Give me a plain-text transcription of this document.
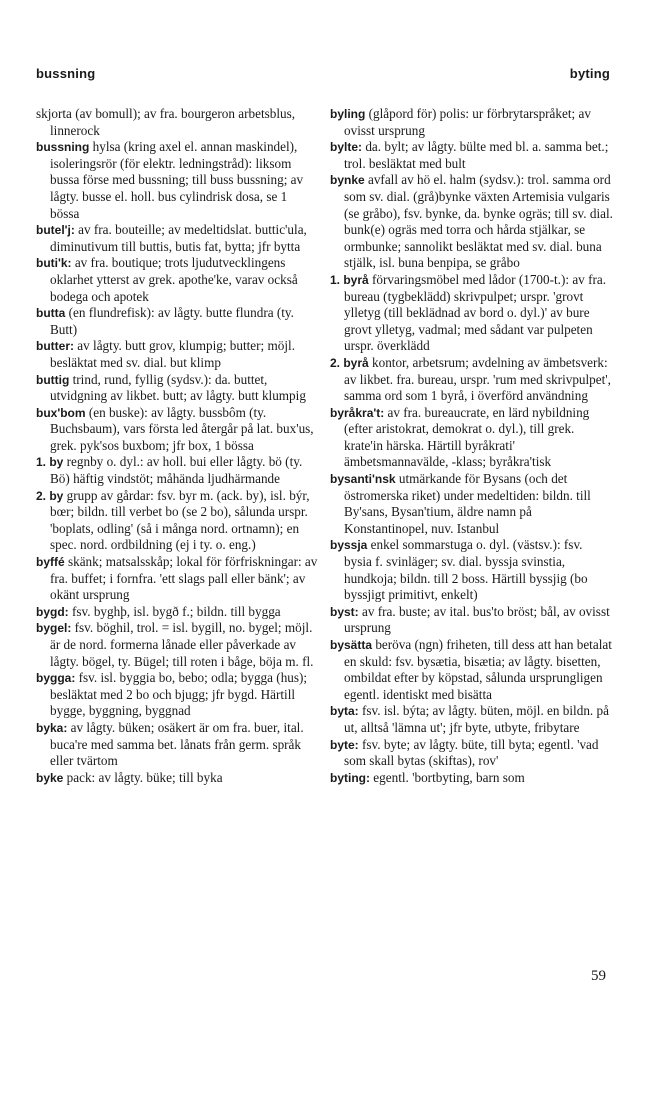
bussning	byting

skjorta (av bomull); av fra. bourgeron arbetsblus, linnerock

bussning hylsa (kring axel el. annan maskindel), isoleringsrör (för elektr. ledningstråd): liksom bussa förse med bussning; till buss bussning; av lågty. busse el. holl. bus cylindrisk dosa, se 1 bössa

butel'j: av fra. bouteille; av medeltidslat. buttic'ula, diminutivum till buttis, butis fat, bytta; jfr bytta

buti'k: av fra. boutique; trots ljudutvecklingens oklarhet ytterst av grek. apothe'ke, varav också bodega och apotek

butta (en flundrefisk): av lågty. butte flundra (ty. Butt)

butter: av lågty. butt grov, klumpig; butter; möjl. besläktat med sv. dial. but klimp

buttig trind, rund, fyllig (sydsv.): da. buttet, utvidgning av likbet. butt; av lågty. butt klumpig

bux'bom (en buske): av lågty. bussbôm (ty. Buchsbaum), vars första led återgår på lat. bux'us, grek. pyk'sos buxbom; jfr box, 1 bössa

1. by regnby o. dyl.: av holl. bui eller lågty. bö (ty. Bö) häftig vindstöt; måhända ljudhärmande

2. by grupp av gårdar: fsv. byr m. (ack. by), isl. býr, bœr; bildn. till verbet bo (se 2 bo), sålunda urspr. 'boplats, odling' (så i många nord. ortnamn); en spec. nord. ordbildning (ej i ty. o. eng.)

byffé skänk; matsalsskåp; lokal för förfriskningar: av fra. buffet; i fornfra. 'ett slags pall eller bänk'; av okänt ursprung

bygd: fsv. byghþ, isl. bygð f.; bildn. till bygga

bygel: fsv. böghil, trol. = isl. bygill, no. bygel; möjl. är de nord. formerna lånade eller påverkade av lågty. bögel, ty. Bügel; till roten i båge, böja m. fl.

bygga: fsv. isl. byggia bo, bebo; odla; bygga (hus); besläktat med 2 bo och bjugg; jfr bygd. Härtill bygge, byggning, byggnad

byka: av lågty. büken; osäkert är om fra. buer, ital. buca're med samma bet. lånats från germ. språk eller tvärtom

byke pack: av lågty. büke; till byka

byling (glåpord för) polis: ur förbrytarspråket; av ovisst ursprung

bylte: da. bylt; av lågty. bülte med bl. a. samma bet.; trol. besläktat med bult

bynke avfall av hö el. halm (sydsv.): trol. samma ord som sv. dial. (grå)bynke växten Artemisia vulgaris (se gråbo), fsv. bynke, da. bynke ogräs; till sv. dial. bunk(e) ogräs med torra och hårda stjälkar, se ormbunke; sannolikt besläktat med sv. dial. buna stjälk, isl. buna benpipa, se gråbo

1. byrå förvaringsmöbel med lådor (1700-t.): av fra. bureau (tygbeklädd) skrivpulpet; urspr. 'grovt ylletyg (till beklädnad av bord o. dyl.)' av bure grovt ylletyg, vadmal; med sådant var pulpeten urspr. överklädd

2. byrå kontor, arbetsrum; avdelning av ämbetsverk: av likbet. fra. bureau, urspr. 'rum med skrivpulpet', samma ord som 1 byrå, i överförd användning

byråkra't: av fra. bureaucrate, en lärd nybildning (efter aristokrat, demokrat o. dyl.), till grek. krate'in härska. Härtill byråkrati' ämbetsmannavälde, -klass; byråkra'tisk

bysanti'nsk utmärkande för Bysans (och det östromerska riket) under medeltiden: bildn. till By'sans, Bysan'tium, äldre namn på Konstantinopel, nuv. Istanbul

byssja enkel sommarstuga o. dyl. (västsv.): fsv. bysia f. svinläger; sv. dial. byssja svinstia, hundkoja; bildn. till 2 boss. Härtill byssjig (bo byssjigt primitivt, enkelt)

byst: av fra. buste; av ital. bus'to bröst; bål, av ovisst ursprung

bysätta beröva (ngn) friheten, till dess att han betalat en skuld: fsv. bysætia, bisætia; av lågty. bisetten, ombildat efter by köpstad, sålunda ursprungligen egentl. identiskt med bisätta

byta: fsv. isl. býta; av lågty. büten, möjl. en bildn. på ut, alltså 'lämna ut'; jfr byte, utbyte, fribytare

byte: fsv. byte; av lågty. büte, till byta; egentl. 'vad som skall bytas (skiftas), rov'

byting: egentl. 'bortbyting, barn som

59
